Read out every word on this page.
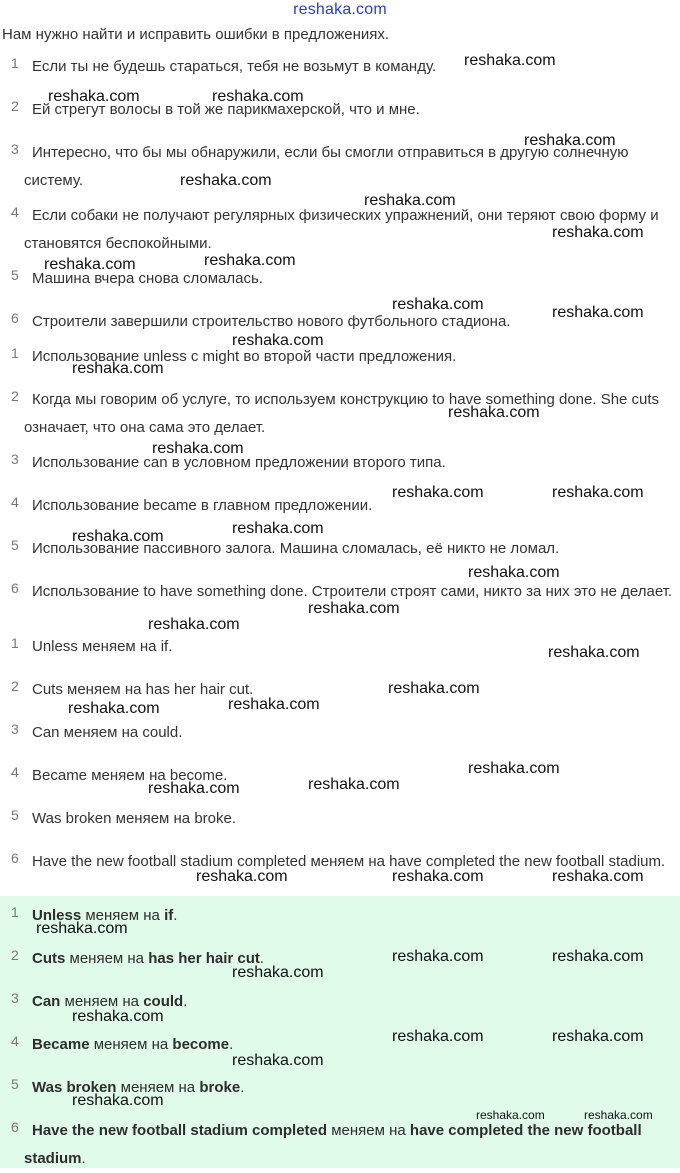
reshaka.com
Нам нужно найти и исправить ошибки в предложениях.
1 Если ты не будешь стараться, тебя не возьмут в команду.
2 Ей стрегут волосы в той же парикмахерской, что и мне.
3 Интересно, что бы мы обнаружили, если бы смогли отправиться в другую солнечную систему.
4 Если собаки не получают регулярных физических упражнений, они теряют свою форму и становятся беспокойными.
5 Машина вчера снова сломалась.
6 Строители завершили строительство нового футбольного стадиона.
1 Использование unless с might во второй части предложения.
2 Когда мы говорим об услуге, то используем конструкцию to have something done. She cuts означает, что она сама это делает.
3 Использование can в условном предложении второго типа.
4 Использование became в главном предложении.
5 Использование пассивного залога. Машина сломалась, её никто не ломал.
6 Использование to have something done. Строители строят сами, никто за них это не делает.
1 Unless меняем на if.
2 Cuts меняем на has her hair cut.
3 Can меняем на could.
4 Became меняем на become.
5 Was broken меняем на broke.
6 Have the new football stadium completed меняем на have completed the new football stadium.
1 Unless меняем на if.
2 Cuts меняем на has her hair cut.
3 Can меняем на could.
4 Became меняем на become.
5 Was broken меняем на broke.
6 Have the new football stadium completed меняем на have completed the new football stadium.
reshaka.com
reshaka.com	reshaka.com
reshaka.com
reshaka.com
reshaka.com
reshaka.com
reshaka.com	reshaka.com
reshaka.com	reshaka.com
reshaka.com
reshaka.com
reshaka.com
reshaka.com
reshaka.com	reshaka.com
reshaka.com
reshaka.com
reshaka.com
reshaka.com
reshaka.com
reshaka.com
reshaka.com
reshaka.com
reshaka.com
reshaka.com
reshaka.com
reshaka.com
reshaka.com	reshaka.com	reshaka.com
reshaka.com
reshaka.com	reshaka.com
reshaka.com
reshaka.com
reshaka.com	reshaka.com
reshaka.com
reshaka.com
reshaka.com	reshaka.com
